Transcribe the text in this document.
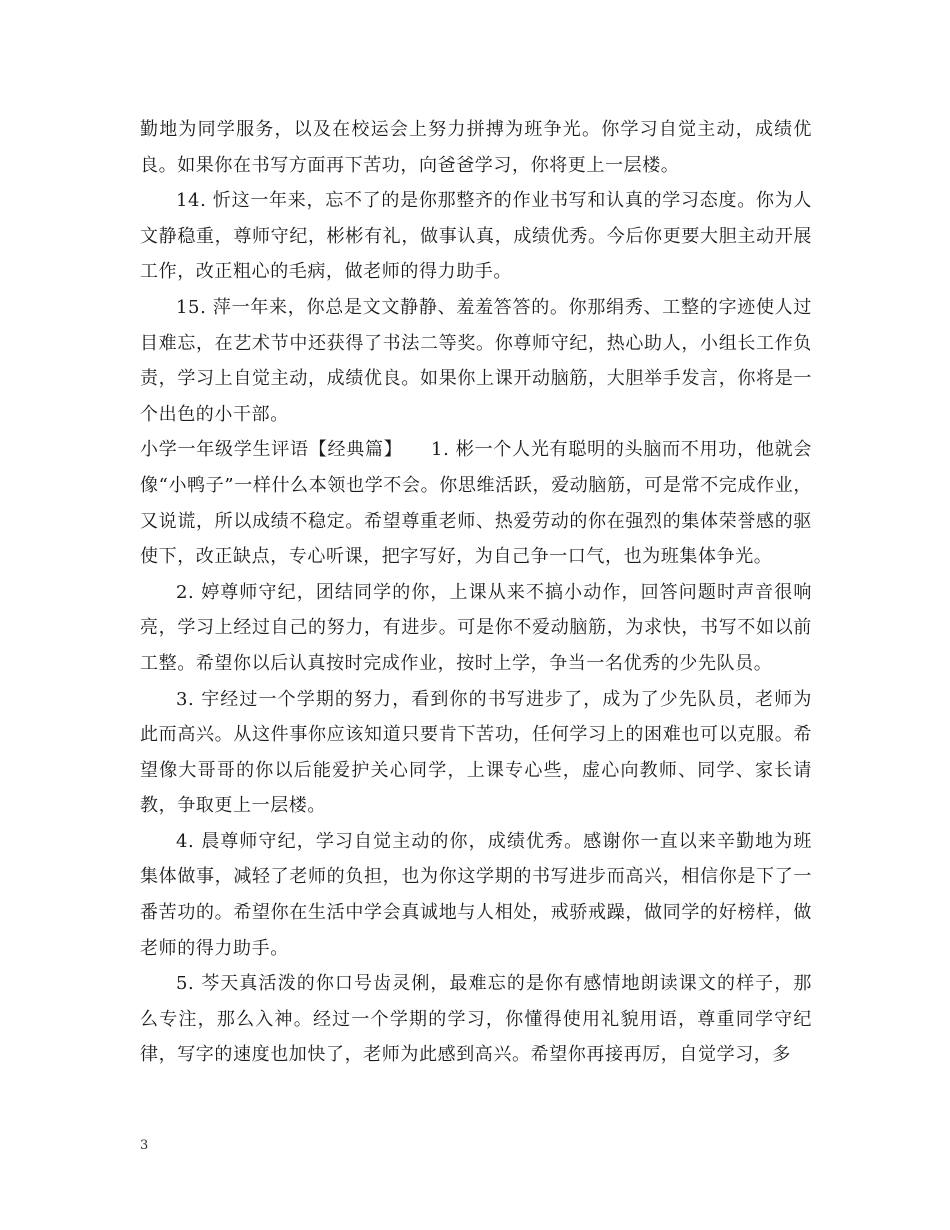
勤地为同学服务，以及在校运会上努力拼搏为班争光。你学习自觉主动，成绩优良。如果你在书写方面再下苦功，向爸爸学习，你将更上一层楼。

14. 忻这一年来，忘不了的是你那整齐的作业书写和认真的学习态度。你为人文静稳重，尊师守纪，彬彬有礼，做事认真，成绩优秀。今后你更要大胆主动开展工作，改正粗心的毛病，做老师的得力助手。

15. 萍一年来，你总是文文静静、羞羞答答的。你那绢秀、工整的字迹使人过目难忘，在艺术节中还获得了书法二等奖。你尊师守纪，热心助人，小组长工作负责，学习上自觉主动，成绩优良。如果你上课开动脑筋，大胆举手发言，你将是一个出色的小干部。

小学一年级学生评语【经典篇】　　1. 彬一个人光有聪明的头脑而不用功，他就会像“小鸭子”一样什么本领也学不会。你思维活跃，爱动脑筋，可是常不完成作业，又说谎，所以成绩不稳定。希望尊重老师、热爱劳动的你在强烈的集体荣誉感的驱使下，改正缺点，专心听课，把字写好，为自己争一口气，也为班集体争光。

2. 婷尊师守纪，团结同学的你，上课从来不搞小动作，回答问题时声音很响亮，学习上经过自己的努力，有进步。可是你不爱动脑筋，为求快，书写不如以前工整。希望你以后认真按时完成作业，按时上学，争当一名优秀的少先队员。

3. 宇经过一个学期的努力，看到你的书写进步了，成为了少先队员，老师为此而高兴。从这件事你应该知道只要肯下苦功，任何学习上的困难也可以克服。希望像大哥哥的你以后能爱护关心同学，上课专心些，虚心向教师、同学、家长请教，争取更上一层楼。

4. 晨尊师守纪，学习自觉主动的你，成绩优秀。感谢你一直以来辛勤地为班集体做事，减轻了老师的负担，也为你这学期的书写进步而高兴，相信你是下了一番苦功的。希望你在生活中学会真诚地与人相处，戒骄戒躁，做同学的好榜样，做老师的得力助手。

5. 芩天真活泼的你口号齿灵俐，最难忘的是你有感情地朗读课文的样子，那么专注，那么入神。经过一个学期的学习，你懂得使用礼貌用语，尊重同学守纪律，写字的速度也加快了，老师为此感到高兴。希望你再接再厉，自觉学习，多

3
